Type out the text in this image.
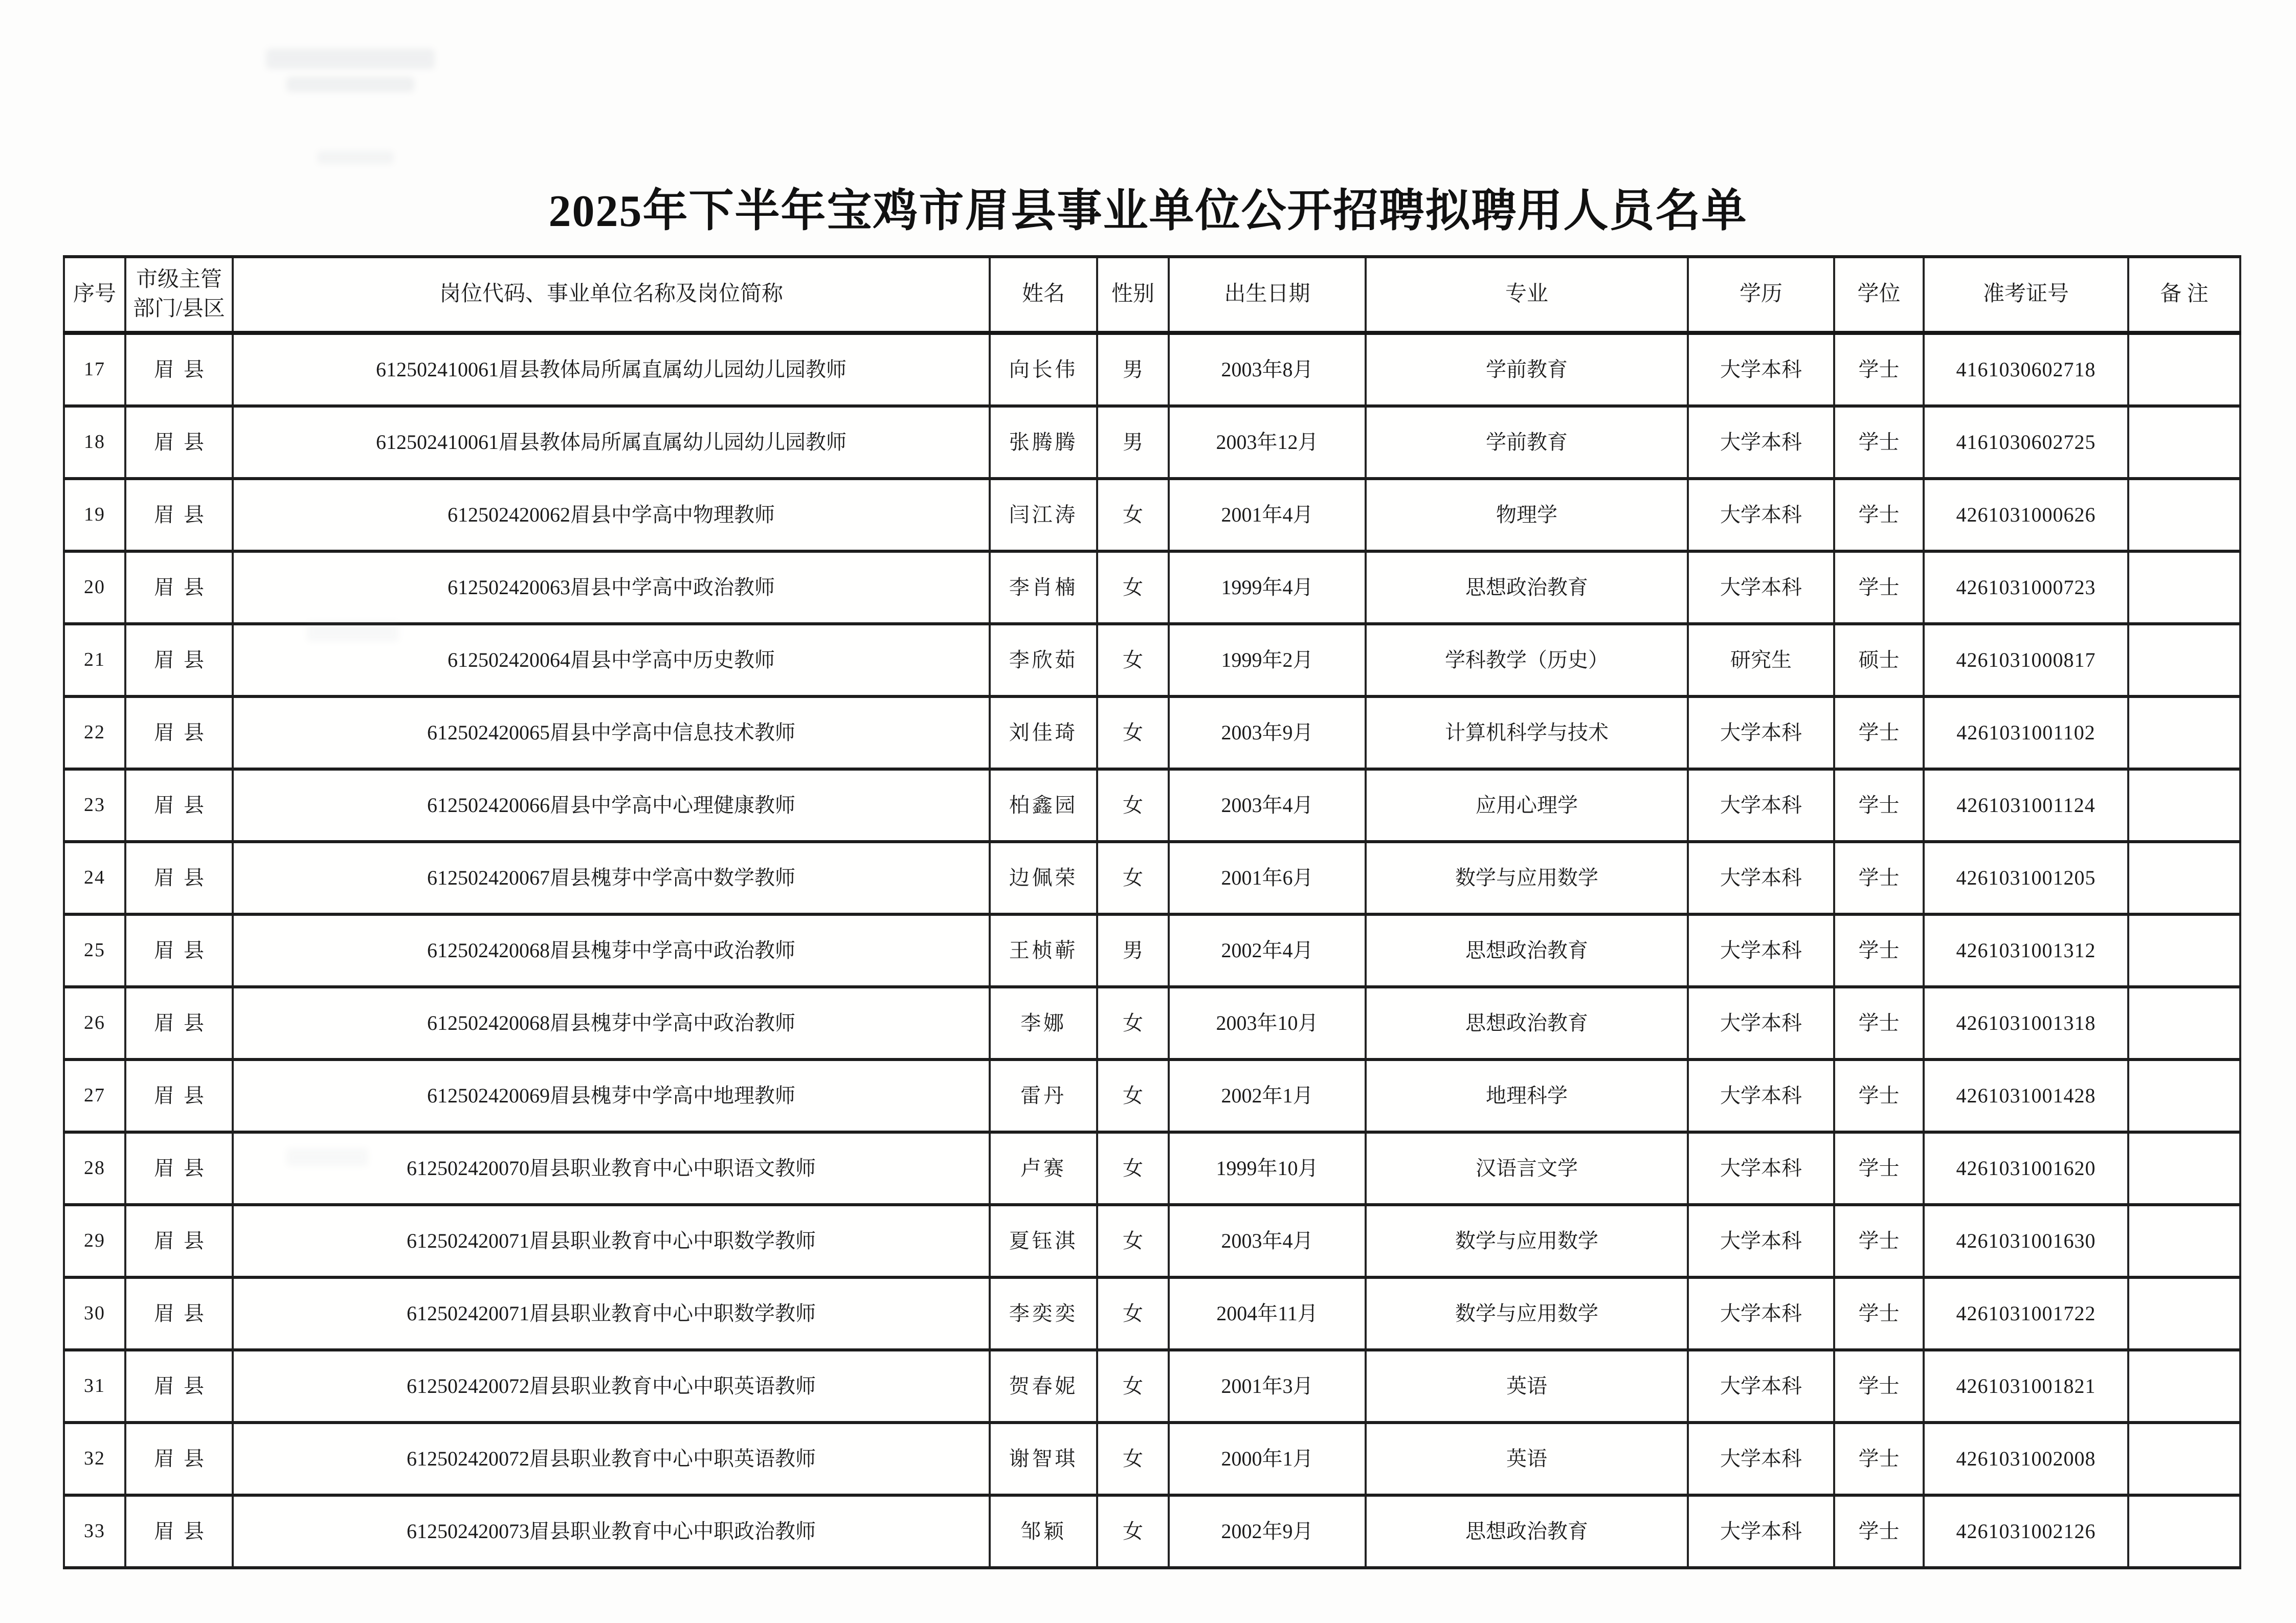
2025年下半年宝鸡市眉县事业单位公开招聘拟聘用人员名单
序号	市级主管部门/县区	岗位代码、事业单位名称及岗位简称	姓名	性别	出生日期	专业	学历	学位	准考证号	备 注
17	眉县	612502410061眉县教体局所属直属幼儿园幼儿园教师	向长伟	男	2003年8月	学前教育	大学本科	学士	4161030602718	
18	眉县	612502410061眉县教体局所属直属幼儿园幼儿园教师	张腾腾	男	2003年12月	学前教育	大学本科	学士	4161030602725	
19	眉县	612502420062眉县中学高中物理教师	闫江涛	女	2001年4月	物理学	大学本科	学士	4261031000626	
20	眉县	612502420063眉县中学高中政治教师	李肖楠	女	1999年4月	思想政治教育	大学本科	学士	4261031000723	
21	眉县	612502420064眉县中学高中历史教师	李欣茹	女	1999年2月	学科教学（历史）	研究生	硕士	4261031000817	
22	眉县	612502420065眉县中学高中信息技术教师	刘佳琦	女	2003年9月	计算机科学与技术	大学本科	学士	4261031001102	
23	眉县	612502420066眉县中学高中心理健康教师	柏鑫园	女	2003年4月	应用心理学	大学本科	学士	4261031001124	
24	眉县	612502420067眉县槐芽中学高中数学教师	边佩荣	女	2001年6月	数学与应用数学	大学本科	学士	4261031001205	
25	眉县	612502420068眉县槐芽中学高中政治教师	王桢蕲	男	2002年4月	思想政治教育	大学本科	学士	4261031001312	
26	眉县	612502420068眉县槐芽中学高中政治教师	李娜	女	2003年10月	思想政治教育	大学本科	学士	4261031001318	
27	眉县	612502420069眉县槐芽中学高中地理教师	雷丹	女	2002年1月	地理科学	大学本科	学士	4261031001428	
28	眉县	612502420070眉县职业教育中心中职语文教师	卢赛	女	1999年10月	汉语言文学	大学本科	学士	4261031001620	
29	眉县	612502420071眉县职业教育中心中职数学教师	夏钰淇	女	2003年4月	数学与应用数学	大学本科	学士	4261031001630	
30	眉县	612502420071眉县职业教育中心中职数学教师	李奕奕	女	2004年11月	数学与应用数学	大学本科	学士	4261031001722	
31	眉县	612502420072眉县职业教育中心中职英语教师	贺春妮	女	2001年3月	英语	大学本科	学士	4261031001821	
32	眉县	612502420072眉县职业教育中心中职英语教师	谢智琪	女	2000年1月	英语	大学本科	学士	4261031002008	
33	眉县	612502420073眉县职业教育中心中职政治教师	邹颖	女	2002年9月	思想政治教育	大学本科	学士	4261031002126	
